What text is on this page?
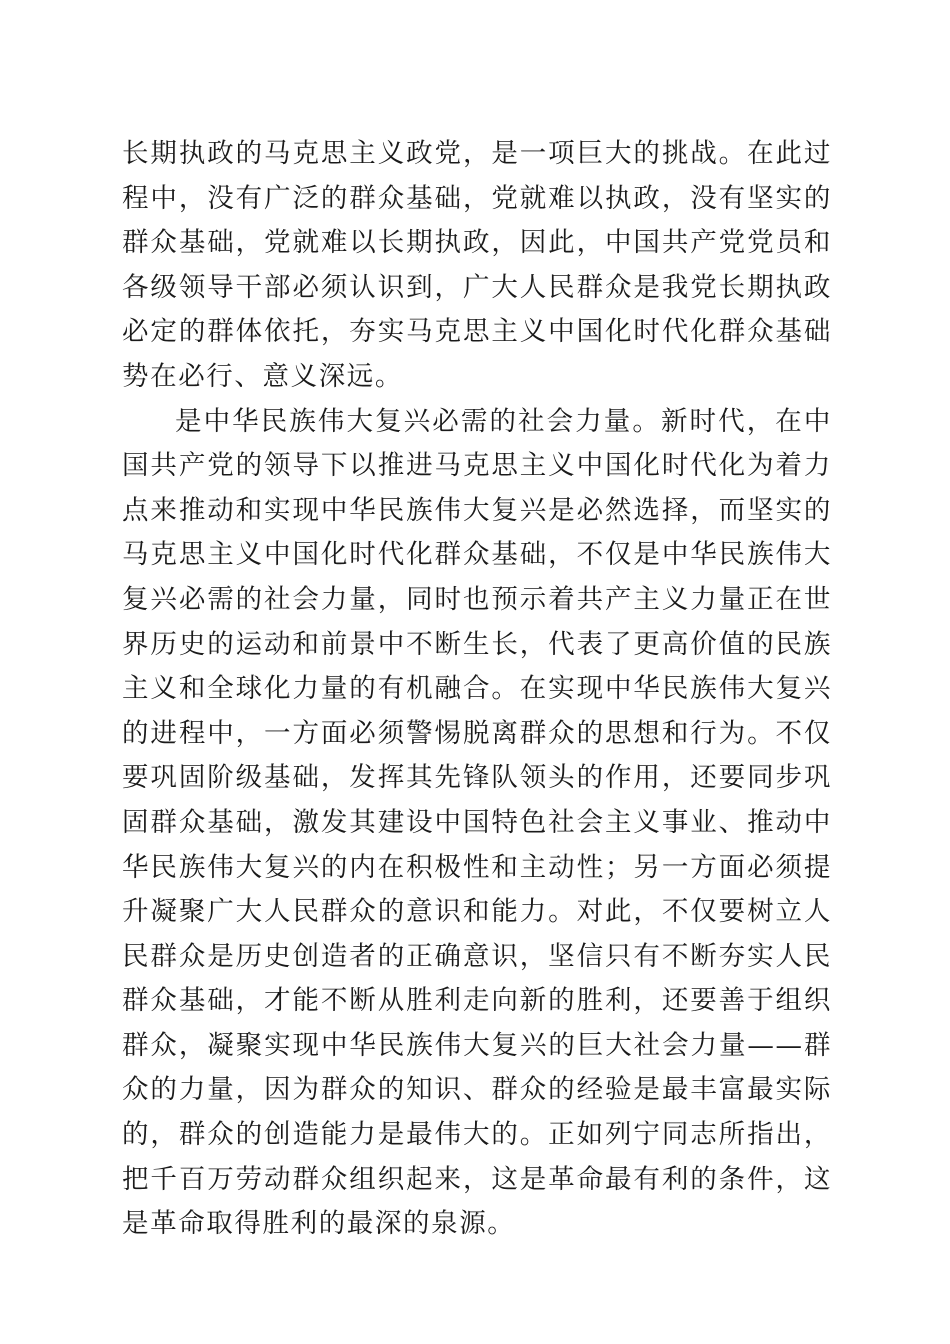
长期执政的马克思主义政党，是一项巨大的挑战。在此过程中，没有广泛的群众基础，党就难以执政，没有坚实的群众基础，党就难以长期执政，因此，中国共产党党员和各级领导干部必须认识到，广大人民群众是我党长期执政必定的群体依托，夯实马克思主义中国化时代化群众基础势在必行、意义深远。

是中华民族伟大复兴必需的社会力量。新时代，在中国共产党的领导下以推进马克思主义中国化时代化为着力点来推动和实现中华民族伟大复兴是必然选择，而坚实的马克思主义中国化时代化群众基础，不仅是中华民族伟大复兴必需的社会力量，同时也预示着共产主义力量正在世界历史的运动和前景中不断生长，代表了更高价值的民族主义和全球化力量的有机融合。在实现中华民族伟大复兴的进程中，一方面必须警惕脱离群众的思想和行为。不仅要巩固阶级基础，发挥其先锋队领头的作用，还要同步巩固群众基础，激发其建设中国特色社会主义事业、推动中华民族伟大复兴的内在积极性和主动性；另一方面必须提升凝聚广大人民群众的意识和能力。对此，不仅要树立人民群众是历史创造者的正确意识，坚信只有不断夯实人民群众基础，才能不断从胜利走向新的胜利，还要善于组织群众，凝聚实现中华民族伟大复兴的巨大社会力量——群众的力量，因为群众的知识、群众的经验是最丰富最实际的，群众的创造能力是最伟大的。正如列宁同志所指出，把千百万劳动群众组织起来，这是革命最有利的条件，这是革命取得胜利的最深的泉源。
